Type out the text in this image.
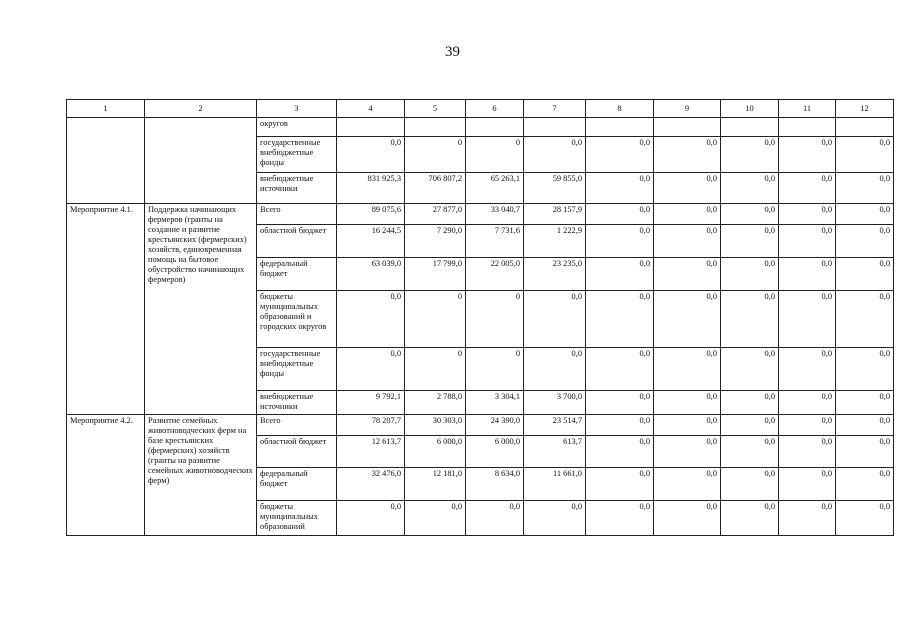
39
1	2	3	4	5	6	7	8	9	10	11	12
		округов									
		государственные внебюджетные фонды	0,0	0	0	0,0	0,0	0,0	0,0	0,0	0,0
		внебюджетные источники	831 925,3	706 807,2	65 263,1	59 855,0	0,0	0,0	0,0	0,0	0,0
Мероприятие 4.1.	Поддержка начинающих фермеров (гранты на создание и развитие крестьянских (фермерских) хозяйств, единовременная помощь на бытовое обустройство начинающих фермеров)	Всего	89 075,6	27 877,0	33 040,7	28 157,9	0,0	0,0	0,0	0,0	0,0
		областной бюджет	16 244,5	7 290,0	7 731,6	1 222,9	0,0	0,0	0,0	0,0	0,0
		федеральный бюджет	63 039,0	17 799,0	22 005,0	23 235,0	0,0	0,0	0,0	0,0	0,0
		бюджеты муниципальных образований и городских округов	0,0	0	0	0,0	0,0	0,0	0,0	0,0	0,0
		государственные внебюджетные фонды	0,0	0	0	0,0	0,0	0,0	0,0	0,0	0,0
		внебюджетные источники	9 792,1	2 788,0	3 304,1	3 700,0	0,0	0,0	0,0	0,0	0,0
Мероприятие 4.2.	Развитие семейных животноводческих ферм на базе крестьянских (фермерских) хозяйств (гранты на развитие семейных животноводческих ферм)	Всего	78 207,7	30 303,0	24 390,0	23 514,7	0,0	0,0	0,0	0,0	0,0
		областной бюджет	12 613,7	6 000,0	6 000,0	613,7	0,0	0,0	0,0	0,0	0,0
		федеральный бюджет	32 476,0	12 181,0	8 634,0	11 661,0	0,0	0,0	0,0	0,0	0,0
		бюджеты муниципальных образований	0,0	0,0	0,0	0,0	0,0	0,0	0,0	0,0	0,0
